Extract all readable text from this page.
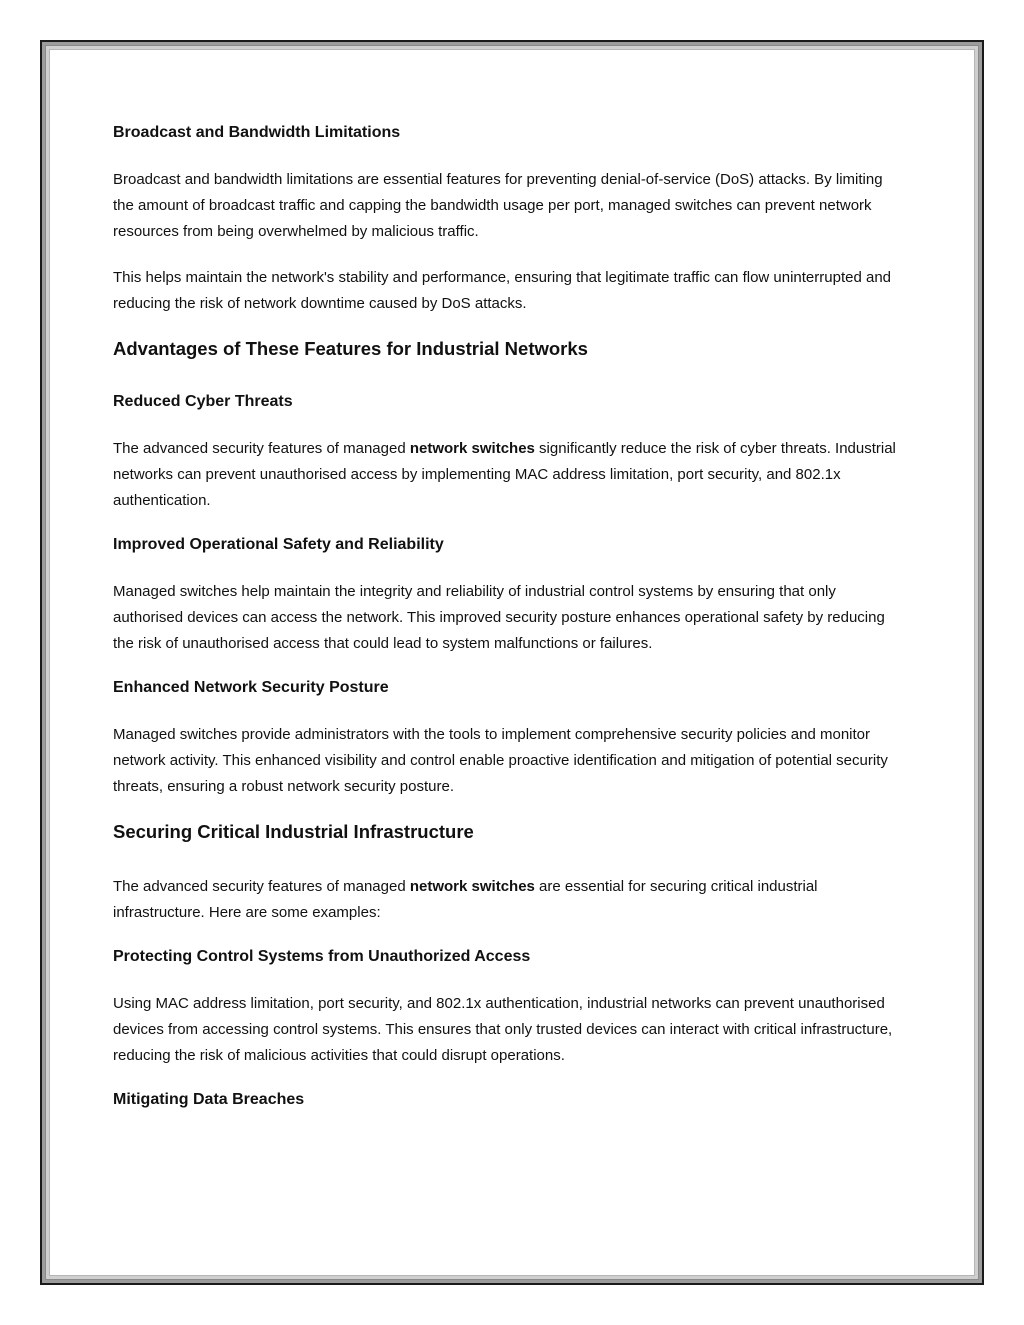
Broadcast and Bandwidth Limitations

Broadcast and bandwidth limitations are essential features for preventing denial-of-service (DoS) attacks. By limiting the amount of broadcast traffic and capping the bandwidth usage per port, managed switches can prevent network resources from being overwhelmed by malicious traffic.

This helps maintain the network's stability and performance, ensuring that legitimate traffic can flow uninterrupted and reducing the risk of network downtime caused by DoS attacks.

Advantages of These Features for Industrial Networks
Reduced Cyber Threats

The advanced security features of managed network switches significantly reduce the risk of cyber threats. Industrial networks can prevent unauthorised access by implementing MAC address limitation, port security, and 802.1x authentication.

Improved Operational Safety and Reliability

Managed switches help maintain the integrity and reliability of industrial control systems by ensuring that only authorised devices can access the network. This improved security posture enhances operational safety by reducing the risk of unauthorised access that could lead to system malfunctions or failures.

Enhanced Network Security Posture

Managed switches provide administrators with the tools to implement comprehensive security policies and monitor network activity. This enhanced visibility and control enable proactive identification and mitigation of potential security threats, ensuring a robust network security posture.

Securing Critical Industrial Infrastructure

The advanced security features of managed network switches are essential for securing critical industrial infrastructure. Here are some examples:

Protecting Control Systems from Unauthorized Access

Using MAC address limitation, port security, and 802.1x authentication, industrial networks can prevent unauthorised devices from accessing control systems. This ensures that only trusted devices can interact with critical infrastructure, reducing the risk of malicious activities that could disrupt operations.

Mitigating Data Breaches
